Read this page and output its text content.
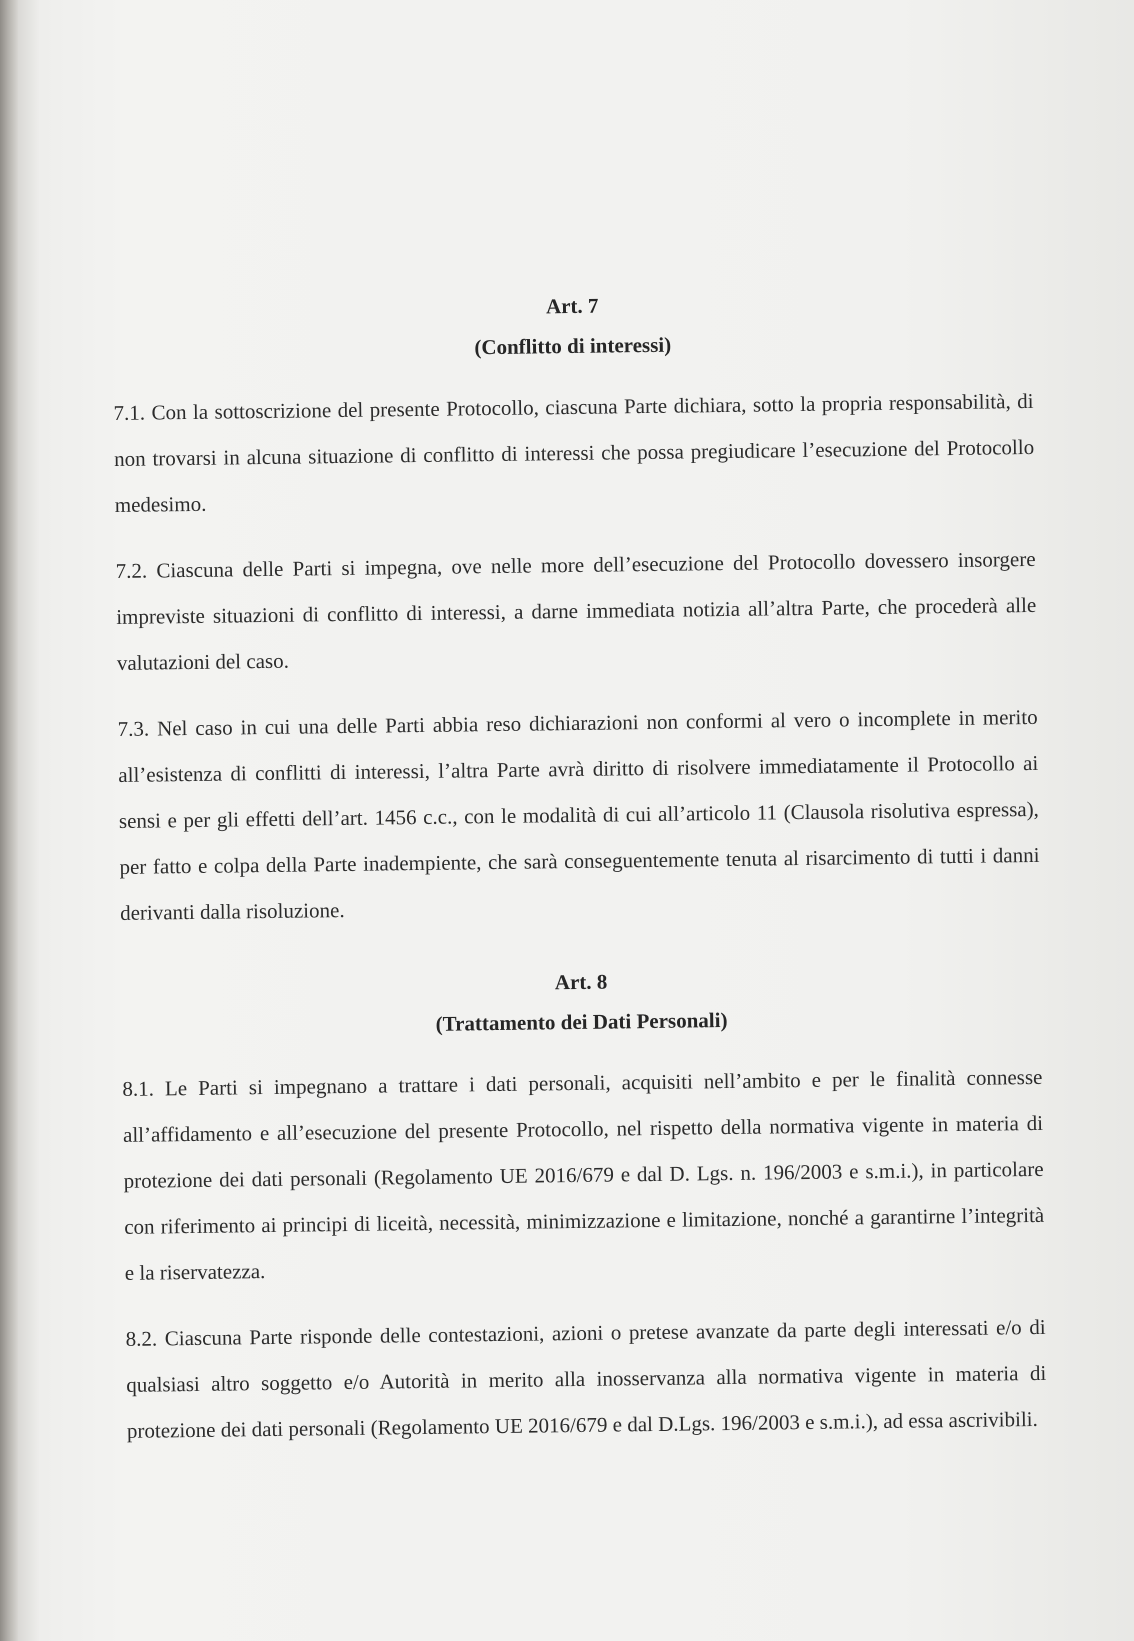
Art. 7
(Conflitto di interessi)

7.1. Con la sottoscrizione del presente Protocollo, ciascuna Parte dichiara, sotto la propria responsabilità, di non trovarsi in alcuna situazione di conflitto di interessi che possa pregiudicare l’esecuzione del Protocollo medesimo.

7.2. Ciascuna delle Parti si impegna, ove nelle more dell’esecuzione del Protocollo dovessero insorgere impreviste situazioni di conflitto di interessi, a darne immediata notizia all’altra Parte, che procederà alle valutazioni del caso.

7.3. Nel caso in cui una delle Parti abbia reso dichiarazioni non conformi al vero o incomplete in merito all’esistenza di conflitti di interessi, l’altra Parte avrà diritto di risolvere immediatamente il Protocollo ai sensi e per gli effetti dell’art. 1456 c.c., con le modalità di cui all’articolo 11 (Clausola risolutiva espressa), per fatto e colpa della Parte inadempiente, che sarà conseguentemente tenuta al risarcimento di tutti i danni derivanti dalla risoluzione.

Art. 8
(Trattamento dei Dati Personali)

8.1. Le Parti si impegnano a trattare i dati personali, acquisiti nell’ambito e per le finalità connesse all’affidamento e all’esecuzione del presente Protocollo, nel rispetto della normativa vigente in materia di protezione dei dati personali (Regolamento UE 2016/679 e dal D. Lgs. n. 196/2003 e s.m.i.), in particolare con riferimento ai principi di liceità, necessità, minimizzazione e limitazione, nonché a garantirne l’integrità e la riservatezza.

8.2. Ciascuna Parte risponde delle contestazioni, azioni o pretese avanzate da parte degli interessati e/o di qualsiasi altro soggetto e/o Autorità in merito alla inosservanza alla normativa vigente in materia di protezione dei dati personali (Regolamento UE 2016/679 e dal D.Lgs. 196/2003 e s.m.i.), ad essa ascrivibili.
